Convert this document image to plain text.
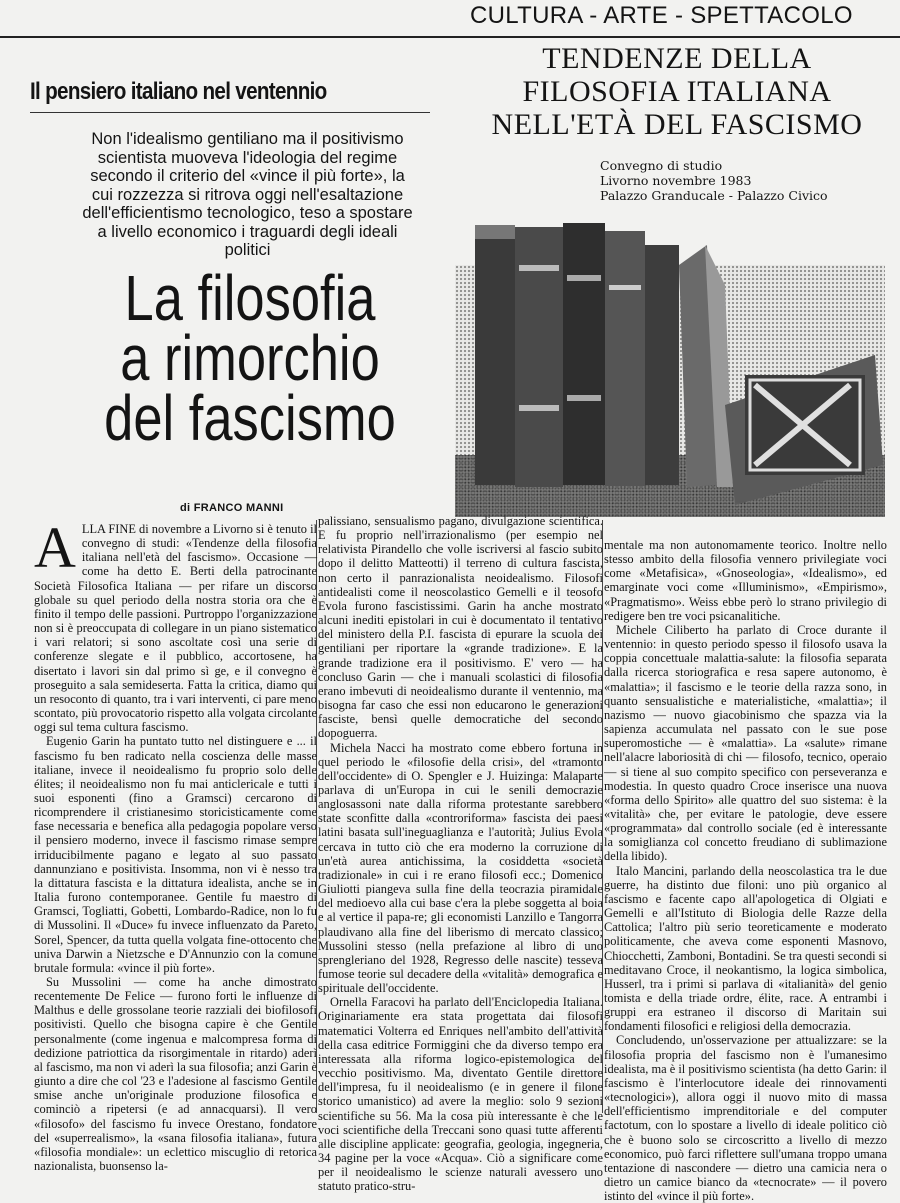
CULTURA - ARTE - SPETTACOLO
Il pensiero italiano nel ventennio
Non l'idealismo gentiliano ma il positivismo scientista muoveva l'ideologia del regime secondo il criterio del «vince il più forte», la cui rozzezza si ritrova oggi nell'esaltazione dell'efficientismo tecnologico, teso a spostare a livello economico i traguardi degli ideali politici
La filosofia
a rimorchio
del fascismo
TENDENZE DELLA
FILOSOFIA ITALIANA
NELL'ETÀ DEL FASCISMO
Convegno di studio
Livorno novembre 1983
Palazzo Granducale - Palazzo Civico
di FRANCO MANNI

ALLA FINE di novembre a Livorno si è tenuto il convegno di studi: «Tendenze della filosofia italiana nell'età del fascismo». Occasione — come ha detto E. Berti della patrocinante Società Filosofica Italiana — per rifare un discorso globale su quel periodo della nostra storia ora che è finito il tempo delle passioni. Purtroppo l'organizzazione non si è preoccupata di collegare in un piano sistematico i vari relatori; si sono ascoltate così una serie di conferenze slegate e il pubblico, accortosene, ha disertato i lavori sin dal primo sì ge, e il convegno è proseguito a sala semideserta. Fatta la critica, diamo qui un resoconto di quanto, tra i vari interventi, ci pare meno scontato, più provocatorio rispetto alla volgata circolante oggi sul tema cultura fascismo.

Eugenio Garin ha puntato tutto nel distinguere e ... il fascismo fu ben radicato nella coscienza delle masse italiane, invece il neoidealismo fu proprio solo delle élites; il neoidealismo non fu mai anticlericale e tutti i suoi esponenti (fino a Gramsci) cercarono di ricomprendere il cristianesimo storicisticamente come fase necessaria e benefica alla pedagogia popolare verso il pensiero moderno, invece il fascismo rimase sempre irriducibilmente pagano e legato al suo passato dannunziano e positivista. Insomma, non vi è nesso tra la dittatura fascista e la dittatura idealista, anche se in Italia furono contemporanee. Gentile fu maestro di Gramsci, Togliatti, Gobetti, Lombardo-Radice, non lo fu di Mussolini. Il «Duce» fu invece influenzato da Pareto, Sorel, Spencer, da tutta quella volgata fine-ottocento che univa Darwin a Nietzsche e D'Annunzio con la comune brutale formula: «vince il più forte».

Su Mussolini — come ha anche dimostrato recentemente De Felice — furono forti le influenze di Malthus e delle grossolane teorie razziali dei biofilosofi positivisti. Quello che bisogna capire è che Gentile personalmente (come ingenua e malcompresa forma di dedizione patriottica da risorgimentale in ritardo) aderì al fascismo, ma non vi aderì la sua filosofia; anzi Garin è giunto a dire che col '23 e l'adesione al fascismo Gentile smise anche un'originale produzione filosofica e cominciò a ripetersi (e ad annacquarsi). Il vero «filosofo» del fascismo fu invece Orestano, fondatore del «superrealismo», la «sana filosofia italiana», futura «filosofia mondiale»: un eclettico miscuglio di retorica nazionalista, buonsenso la-

palissiano, sensualismo pagano, divulgazione scientifica. E fu proprio nell'irrazionalismo (per esempio nel relativista Pirandello che volle iscriversi al fascio subito dopo il delitto Matteotti) il terreno di cultura fascista, non certo il panrazionalista neoidealismo. Filosofi antidealisti come il neoscolastico Gemelli e il teosofo Evola furono fascistissimi. Garin ha anche mostrato alcuni inediti epistolari in cui è documentato il tentativo del ministero della P.I. fascista di epurare la scuola dei gentiliani per riportare la «grande tradizione». E la grande tradizione era il positivismo. E' vero — ha concluso Garin — che i manuali scolastici di filosofia erano imbevuti di neoidealismo durante il ventennio, ma bisogna far caso che essi non educarono le generazioni fasciste, bensì quelle democratiche del secondo dopoguerra.

Michela Nacci ha mostrato come ebbero fortuna in quel periodo le «filosofie della crisi», del «tramonto dell'occidente» di O. Spengler e J. Huizinga: Malaparte parlava di un'Europa in cui le senili democrazie anglosassoni nate dalla riforma protestante sarebbero state sconfitte dalla «controriforma» fascista dei paesi latini basata sull'ineguaglianza e l'autorità; Julius Evola cercava in tutto ciò che era moderno la corruzione di un'età aurea antichissima, la cosiddetta «società tradizionale» in cui i re erano filosofi ecc.; Domenico Giuliotti piangeva sulla fine della teocrazia piramidale del medioevo alla cui base c'era la plebe soggetta al boia e al vertice il papa-re; gli economisti Lanzillo e Tangorra plaudivano alla fine del liberismo di mercato classico; Mussolini stesso (nella prefazione al libro di uno sprengleriano del 1928, Regresso delle nascite) tesseva fumose teorie sul decadere della «vitalità» demografica e spirituale dell'occidente.

Ornella Faracovi ha parlato dell'Enciclopedia Italiana. Originariamente era stata progettata dai filosofi matematici Volterra ed Enriques nell'ambito dell'attività della casa editrice Formiggini che da diverso tempo era interessata alla riforma logico-epistemologica del vecchio positivismo. Ma, diventato Gentile direttore dell'impresa, fu il neoidealismo (e in genere il filone storico umanistico) ad avere la meglio: solo 9 sezioni scientifiche su 56. Ma la cosa più interessante è che le voci scientifiche della Treccani sono quasi tutte afferenti alle discipline applicate: geografia, geologia, ingegneria, 34 pagine per la voce «Acqua». Ciò a significare come per il neoidealismo le scienze naturali avessero uno statuto pratico-stru-

mentale ma non autonomamente teorico. Inoltre nello stesso ambito della filosofia vennero privilegiate voci come «Metafisica», «Gnoseologia», «Idealismo», ed emarginate voci come «Illuminismo», «Empirismo», «Pragmatismo». Weiss ebbe però lo strano privilegio di redigere ben tre voci psicanalitiche.

Michele Ciliberto ha parlato di Croce durante il ventennio: in questo periodo spesso il filosofo usava la coppia concettuale malattia-salute: la filosofia separata dalla ricerca storiografica e resa sapere autonomo, è «malattia»; il fascismo e le teorie della razza sono, in quanto sensualistiche e materialistiche, «malattia»; il nazismo — nuovo giacobinismo che spazza via la sapienza accumulata nel passato con le sue pose superomostiche — è «malattia». La «salute» rimane nell'alacre laboriosità di chi — filosofo, tecnico, operaio — si tiene al suo compito specifico con perseveranza e modestia. In questo quadro Croce inserisce una nuova «forma dello Spirito» alle quattro del suo sistema: è la «vitalità» che, per evitare le patologie, deve essere «programmata» dal controllo sociale (ed è interessante la somiglianza col concetto freudiano di sublimazione della libido).

Italo Mancini, parlando della neoscolastica tra le due guerre, ha distinto due filoni: uno più organico al fascismo e facente capo all'apologetica di Olgiati e Gemelli e all'Istituto di Biologia delle Razze della Cattolica; l'altro più serio teoreticamente e moderato politicamente, che aveva come esponenti Masnovo, Chiocchetti, Zamboni, Bontadini. Se tra questi secondi si meditavano Croce, il neokantismo, la logica simbolica, Husserl, tra i primi si parlava di «italianità» del genio tomista e della triade ordre, élite, race. A entrambi i gruppi era estraneo il discorso di Maritain sui fondamenti filosofici e religiosi della democrazia.

Concludendo, un'osservazione per attualizzare: se la filosofia propria del fascismo non è l'umanesimo idealista, ma è il positivismo scientista (ha detto Garin: il fascismo è l'interlocutore ideale dei rinnovamenti «tecnologici»), allora oggi il nuovo mito di massa dell'efficientismo imprenditoriale e del computer factotum, con lo spostare a livello di ideale politico ciò che è buono solo se circoscritto a livello di mezzo economico, può farci riflettere sull'umana troppo umana tentazione di nascondere — dietro una camicia nera o dietro un camice bianco da «tecnocrate» — il povero istinto del «vince il più forte».
